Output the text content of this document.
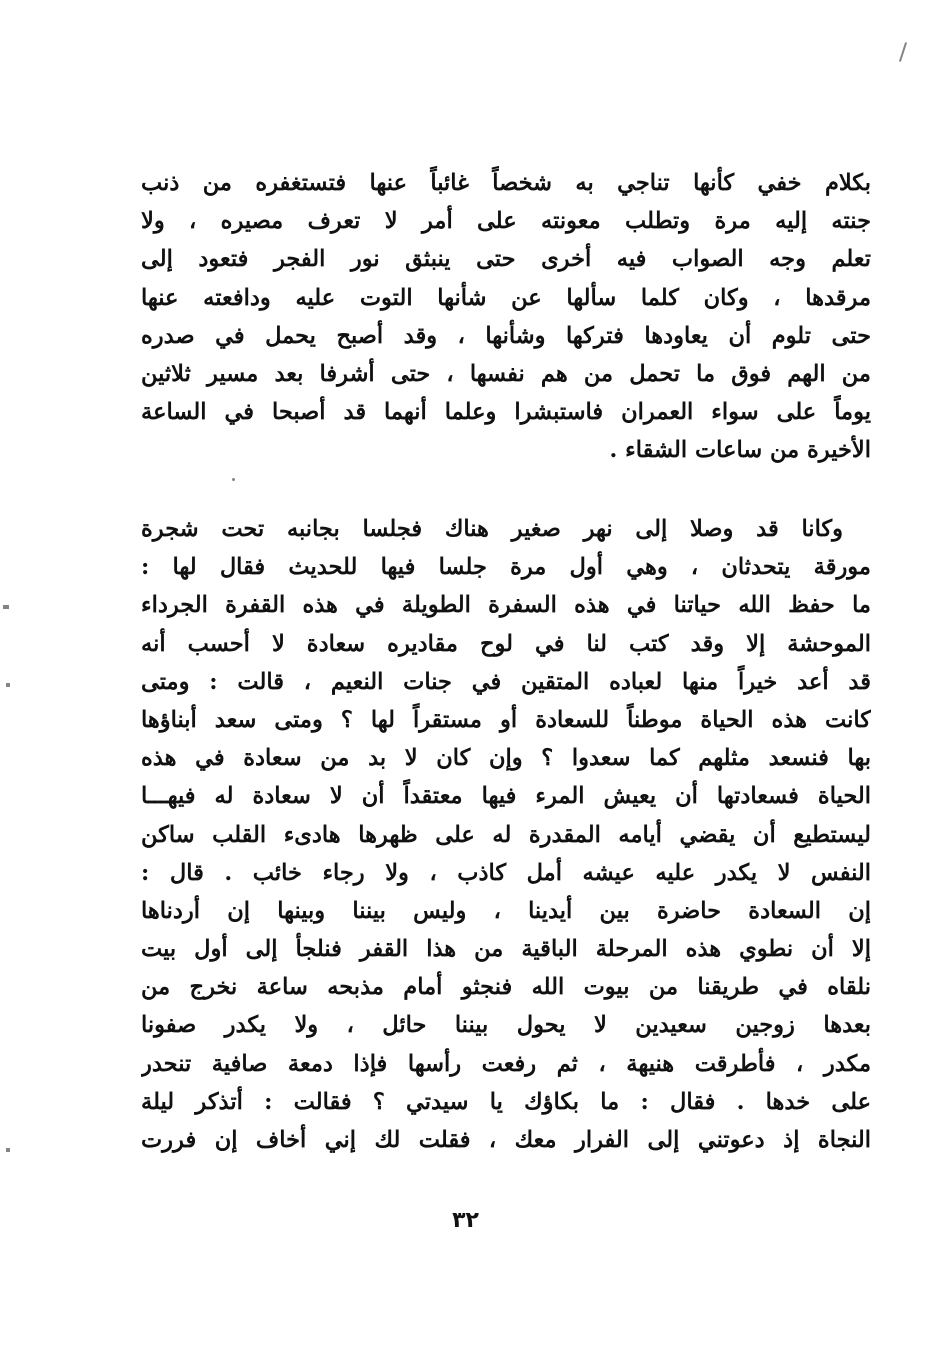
بكلام خفي كأنها تناجي به شخصاً غائباً عنها فتستغفره من ذنب
جنته إليه مرة وتطلب معونته على أمر لا تعرف مصيره ، ولا
تعلم وجه الصواب فيه أخرى حتى ينبثق نور الفجر فتعود إلى
مرقدها ، وكان كلما سألها عن شأنها التوت عليه ودافعته عنها
حتى تلوم أن يعاودها فتركها وشأنها ، وقد أصبح يحمل في صدره
من الهم فوق ما تحمل من هم نفسها ، حتى أشرفا بعد مسير ثلاثين
يوماً على سواء العمران فاستبشرا وعلما أنهما قد أصبحا في الساعة
الأخيرة من ساعات الشقاء .
وكانا قد وصلا إلى نهر صغير هناك فجلسا بجانبه تحت شجرة
مورقة يتحدثان ، وهي أول مرة جلسا فيها للحديث فقال لها :
ما حفظ الله حياتنا في هذه السفرة الطويلة في هذه القفرة الجرداء
الموحشة إلا وقد كتب لنا في لوح مقاديره سعادة لا أحسب أنه
قد أعد خيراً منها لعباده المتقين في جنات النعيم ، قالت : ومتى
كانت هذه الحياة موطناً للسعادة أو مستقراً لها ؟ ومتى سعد أبناؤها
بها فنسعد مثلهم كما سعدوا ؟ وإن كان لا بد من سعادة في هذه
الحياة فسعادتها أن يعيش المرء فيها معتقداً أن لا سعادة له فيهـــا
ليستطيع أن يقضي أيامه المقدرة له على ظهرها هادىء القلب ساكن
النفس لا يكدر عليه عيشه أمل كاذب ، ولا رجاء خائب . قال :
إن السعادة حاضرة بين أيدينا ، وليس بيننا وبينها إن أردناها
إلا أن نطوي هذه المرحلة الباقية من هذا القفر فنلجأ إلى أول بيت
نلقاه في طريقنا من بيوت الله فنجثو أمام مذبحه ساعة نخرج من
بعدها زوجين سعيدين لا يحول بيننا حائل ، ولا يكدر صفونا
مكدر ، فأطرقت هنيهة ، ثم رفعت رأسها فإذا دمعة صافية تنحدر
على خدها . فقال : ما بكاؤك يا سيدتي ؟ فقالت : أتذكر ليلة
النجاة إذ دعوتني إلى الفرار معك ، فقلت لك إني أخاف إن فررت
٣٢
